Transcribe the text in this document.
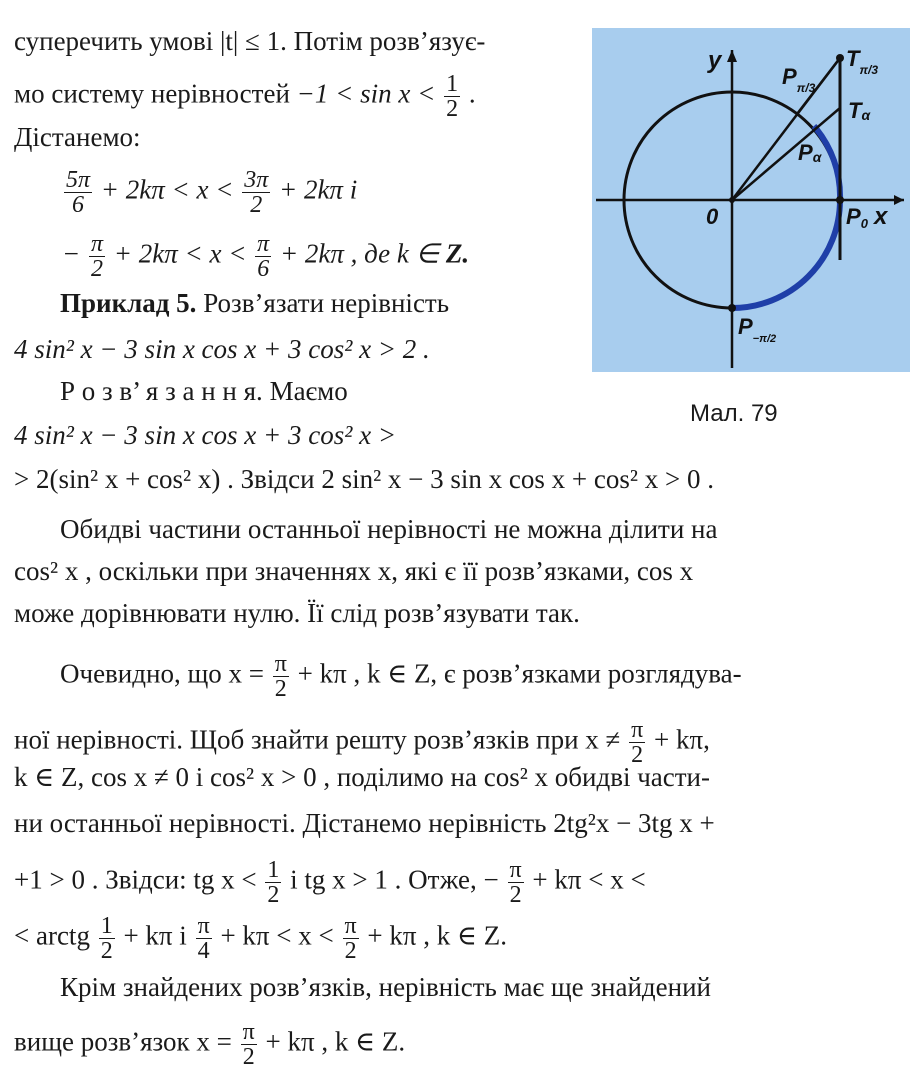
суперечить умові |t| ≤ 1. Потім розв’язує-
мо систему нерівностей $-1 < \sin x < \frac{1}{2}$ .
Дістанемо:
$\frac{5\pi}{6} + 2k\pi < x < \frac{3\pi}{2} + 2k\pi$ і
− $\frac{\pi}{2} + 2k\pi < x < \frac{\pi}{6} + 2k\pi$ , де k ∈ Z.
Приклад 5. Розв’язати нерівність
4 sin² x − 3 sin x cos x + 3 cos² x > 2 .
Р о з в’ я з а н н я. Маємо
4 sin² x − 3 sin x cos x + 3 cos² x >
> 2(sin² x + cos² x) . Звідси 2 sin² x − 3 sin x cos x + cos² x > 0 .
Обидві частини останньої нерівності не можна ділити на
cos² x , оскільки при значеннях x, які є її розв’язками, cos x
може дорівнювати нулю. Її слід розв’язувати так.
Очевидно, що $x = \frac{\pi}{2} + k\pi$ , k ∈ Z, є розв’язками розглядува-
ної нерівності. Щоб знайти решту розв’язків при $x \ne \frac{\pi}{2} + k\pi$,
k ∈ Z, cos x ≠ 0 і cos² x > 0 , поділимо на cos² x обидві части-
ни останньої нерівності. Дістанемо нерівність 2tg²x − 3tg x +
+1 > 0 . Звідси: tg $x < \frac{1}{2}$ і tg x > 1 . Отже, − $\frac{\pi}{2} + k\pi < x$ <
< arctg $\frac{1}{2} + k\pi$ і $\frac{\pi}{4} + k\pi < x < \frac{\pi}{2} + k\pi$ , k ∈ Z.
Крім знайдених розв’язків, нерівність має ще знайдений
вище розв’язок $x = \frac{\pi}{2} + k\pi$ , k ∈ Z.
y
x
0
$P_{\pi/3}$
$T_{\pi/3}$
Tα
Pα
P0
$P_{-\pi/2}$
Мал. 79
